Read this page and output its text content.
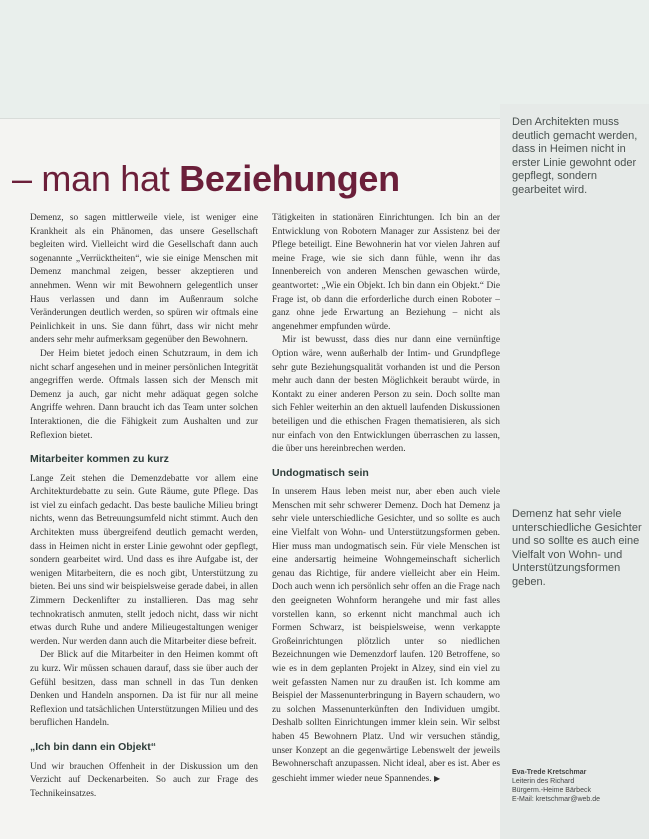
– man hat Beziehungen

Demenz, so sagen mittlerweile viele, ist weniger eine Krankheit als ein Phänomen, das unsere Gesellschaft begleiten wird. Vielleicht wird die Gesellschaft dann auch sogenannte „Verrücktheiten“, wie sie einige Menschen mit Demenz manchmal zeigen, besser akzeptieren und annehmen. Wenn wir mit Bewohnern gelegentlich unser Haus verlassen und dann im Außenraum solche Veränderungen deutlich werden, so spüren wir oftmals eine Peinlichkeit in uns. Sie dann führt, dass wir nicht mehr anders sehr mehr aufmerksam gegenüber den Bewohnern.

Der Heim bietet jedoch einen Schutzraum, in dem ich nicht scharf angesehen und in meiner persönlichen Integrität angegriffen werde. Oftmals lassen sich der Mensch mit Demenz ja auch, gar nicht mehr adäquat gegen solche Angriffe wehren. Dann braucht ich das Team unter solchen Interaktionen, die die Fähigkeit zum Aushalten und zur Reflexion bietet.

Mitarbeiter kommen zu kurz

Lange Zeit stehen die Demenzdebatte vor allem eine Architekturdebatte zu sein. Gute Räume, gute Pflege. Das ist viel zu einfach gedacht. Das beste bauliche Milieu bringt nichts, wenn das Betreuungsumfeld nicht stimmt. Auch den Architekten muss übergreifend deutlich gemacht werden, dass in Heimen nicht in erster Linie gewohnt oder gepflegt, sondern gearbeitet wird. Und dass es ihre Aufgabe ist, der wenigen Mitarbeitern, die es noch gibt, Unterstützung zu bieten. Bei uns sind wir beispielsweise gerade dabei, in allen Zimmern Deckenlifter zu installieren. Das mag sehr technokratisch anmuten, stellt jedoch nicht, dass wir nicht etwas durch Ruhe und andere Milieugestaltungen weniger werden. Nur werden dann auch die Mitarbeiter diese befreit.

Der Blick auf die Mitarbeiter in den Heimen kommt oft zu kurz. Wir müssen schauen darauf, dass sie über auch der Gefühl besitzen, dass man schnell in das Tun denken Denken und Handeln anspornen. Da ist für nur all meine Reflexion und tatsächlichen Unterstützungen Milieu und des beruflichen Handeln.

„Ich bin dann ein Objekt“

Und wir brauchen Offenheit in der Diskussion um den Verzicht auf Deckenarbeiten. So auch zur Frage des Technikeinsatzes.

Tätigkeiten in stationären Einrichtungen. Ich bin an der Entwicklung von Robotern Manager zur Assistenz bei der Pflege beteiligt. Eine Bewohnerin hat vor vielen Jahren auf meine Frage, wie sie sich dann fühle, wenn ihr das Innenbereich von anderen Menschen gewaschen würde, geantwortet: „Wie ein Objekt. Ich bin dann ein Objekt.“ Die Frage ist, ob dann die erforderliche durch einen Roboter – ganz ohne jede Erwartung an Beziehung – nicht als angenehmer empfunden würde.

Mir ist bewusst, dass dies nur dann eine vernünftige Option wäre, wenn außerhalb der Intim- und Grundpflege sehr gute Beziehungsqualität vorhanden ist und die Person mehr auch dann der besten Möglichkeit beraubt würde, in Kontakt zu einer anderen Person zu sein. Doch sollte man sich Fehler weiterhin an den aktuell laufenden Diskussionen beteiligen und die ethischen Fragen thematisieren, als sich nur einfach von den Entwicklungen überraschen zu lassen, die über uns hereinbrechen werden.

Undogmatisch sein

In unserem Haus leben meist nur, aber eben auch viele Menschen mit sehr schwerer Demenz. Doch hat Demenz ja sehr viele unterschiedliche Gesichter, und so sollte es auch eine Vielfalt von Wohn- und Unterstützungsformen geben. Hier muss man undogmatisch sein. Für viele Menschen ist eine andersartig heimeine Wohngemeinschaft sicherlich genau das Richtige, für andere vielleicht aber ein Heim. Doch auch wenn ich persönlich sehr offen an die Frage nach den geeigneten Wohnform herangehe und mir fast alles vorstellen kann, so erkennt nicht manchmal auch ich Formen Schwarz, ist beispielsweise, wenn verkappte Großeinrichtungen plötzlich unter so niedlichen Bezeichnungen wie Demenzdorf laufen. 120 Betroffene, so wie es in dem geplanten Projekt in Alzey, sind ein viel zu weit gefassten Namen nur zu draußen ist. Ich komme am Beispiel der Massenunterbringung in Bayern schaudern, wo zu solchen Massenunterkünften den Individuen umgibt. Deshalb sollten Einrichtungen immer klein sein. Wir selbst haben 45 Bewohnern Platz. Und wir versuchen ständig, unser Konzept an die gegenwärtige Lebenswelt der jeweils Bewohnerschaft anzupassen. Nicht ideal, aber es ist. Aber es geschieht immer wieder neue Spannendes. ▶

Den Architekten muss deutlich gemacht werden, dass in Heimen nicht in erster Linie gewohnt oder gepflegt, sondern gearbeitet wird.
Demenz hat sehr viele unterschiedliche Gesichter und so sollte es auch eine Vielfalt von Wohn- und Unterstützungsformen geben.
Eva-Trede Kretschmar
Leiterin des Richard
Bürgerm.-Heime Bärbeck
E-Mail: kretschmar@web.de
